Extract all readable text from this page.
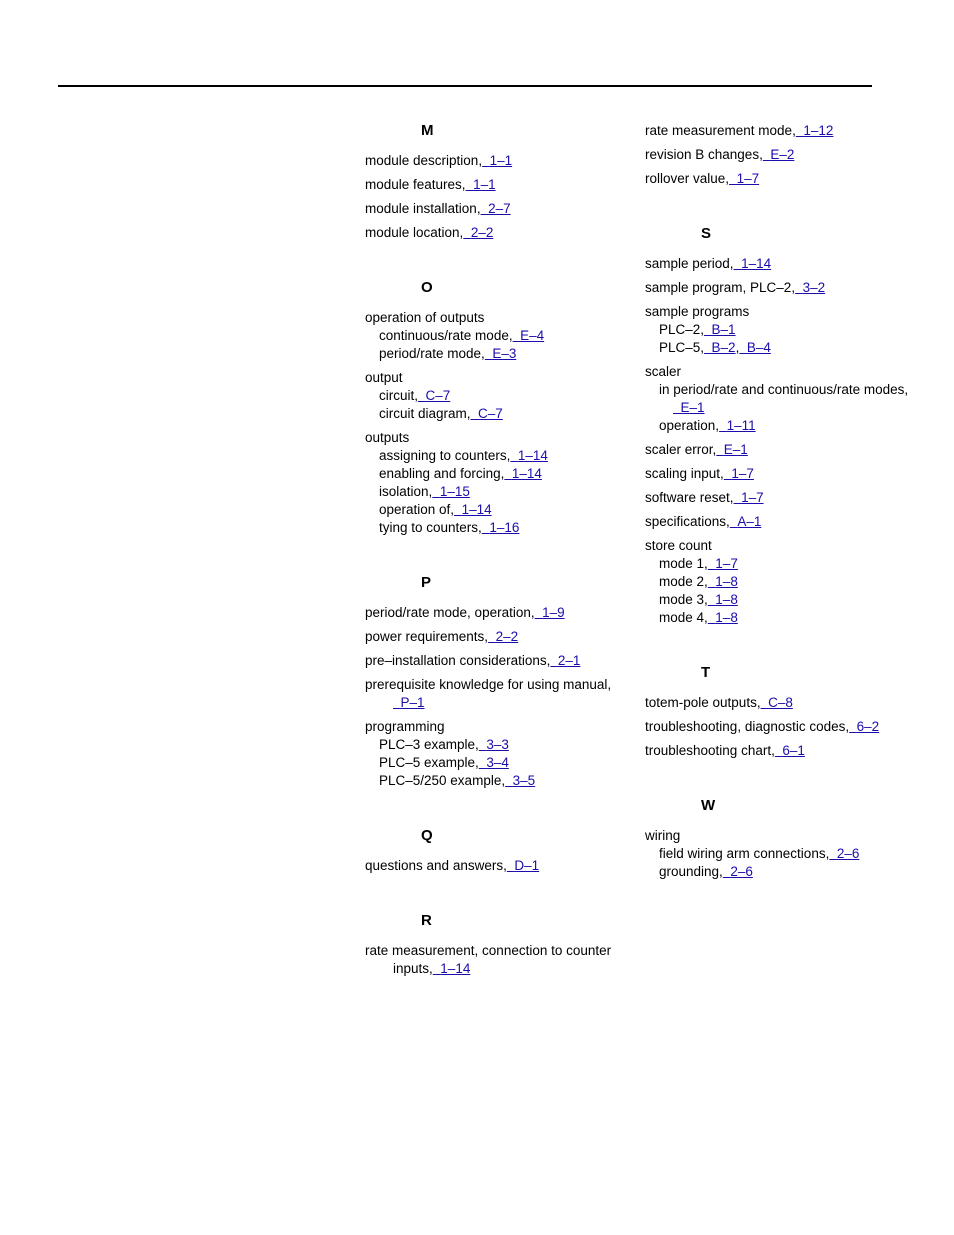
M
module description, 1–1
module features, 1–1
module installation, 2–7
module location, 2–2
O
operation of outputs
continuous/rate mode, E–4
period/rate mode, E–3
output
circuit, C–7
circuit diagram, C–7
outputs
assigning to counters, 1–14
enabling and forcing, 1–14
isolation, 1–15
operation of, 1–14
tying to counters, 1–16
P
period/rate mode, operation, 1–9
power requirements, 2–2
pre–installation considerations, 2–1
prerequisite knowledge for using manual,
P–1
programming
PLC–3 example, 3–3
PLC–5 example, 3–4
PLC–5/250 example, 3–5
Q
questions and answers, D–1
R
rate measurement, connection to counter
inputs, 1–14
rate measurement mode, 1–12
revision B changes, E–2
rollover value, 1–7
S
sample period, 1–14
sample program, PLC–2, 3–2
sample programs
PLC–2, B–1
PLC–5, B–2, B–4
scaler
in period/rate and continuous/rate modes,
E–1
operation, 1–11
scaler error, E–1
scaling input, 1–7
software reset, 1–7
specifications, A–1
store count
mode 1, 1–7
mode 2, 1–8
mode 3, 1–8
mode 4, 1–8
T
totem-pole outputs, C–8
troubleshooting, diagnostic codes, 6–2
troubleshooting chart, 6–1
W
wiring
field wiring arm connections, 2–6
grounding, 2–6
